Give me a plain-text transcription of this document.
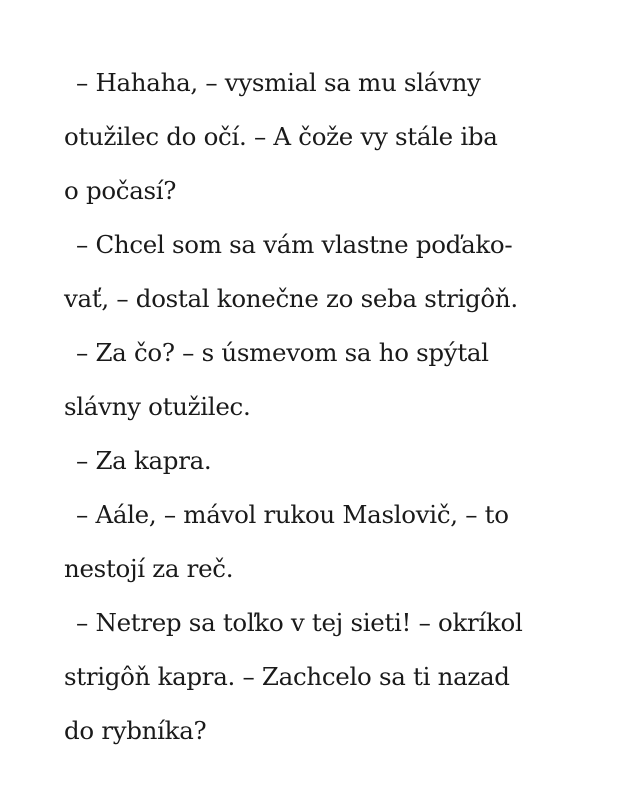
– Hahaha, – vysmial sa mu slávny
otužilec do očí. – A čože vy stále iba
o počasí?
– Chcel som sa vám vlastne poďako-
vať, – dostal konečne zo seba strigôň.
– Za čo? – s úsmevom sa ho spýtal
slávny otužilec.
– Za kapra.
– Aále, – mávol rukou Maslovič, – to
nestojí za reč.
– Netrep sa toľko v tej sieti! – okríkol
strigôň kapra. – Zachcelo sa ti nazad
do rybníka?
